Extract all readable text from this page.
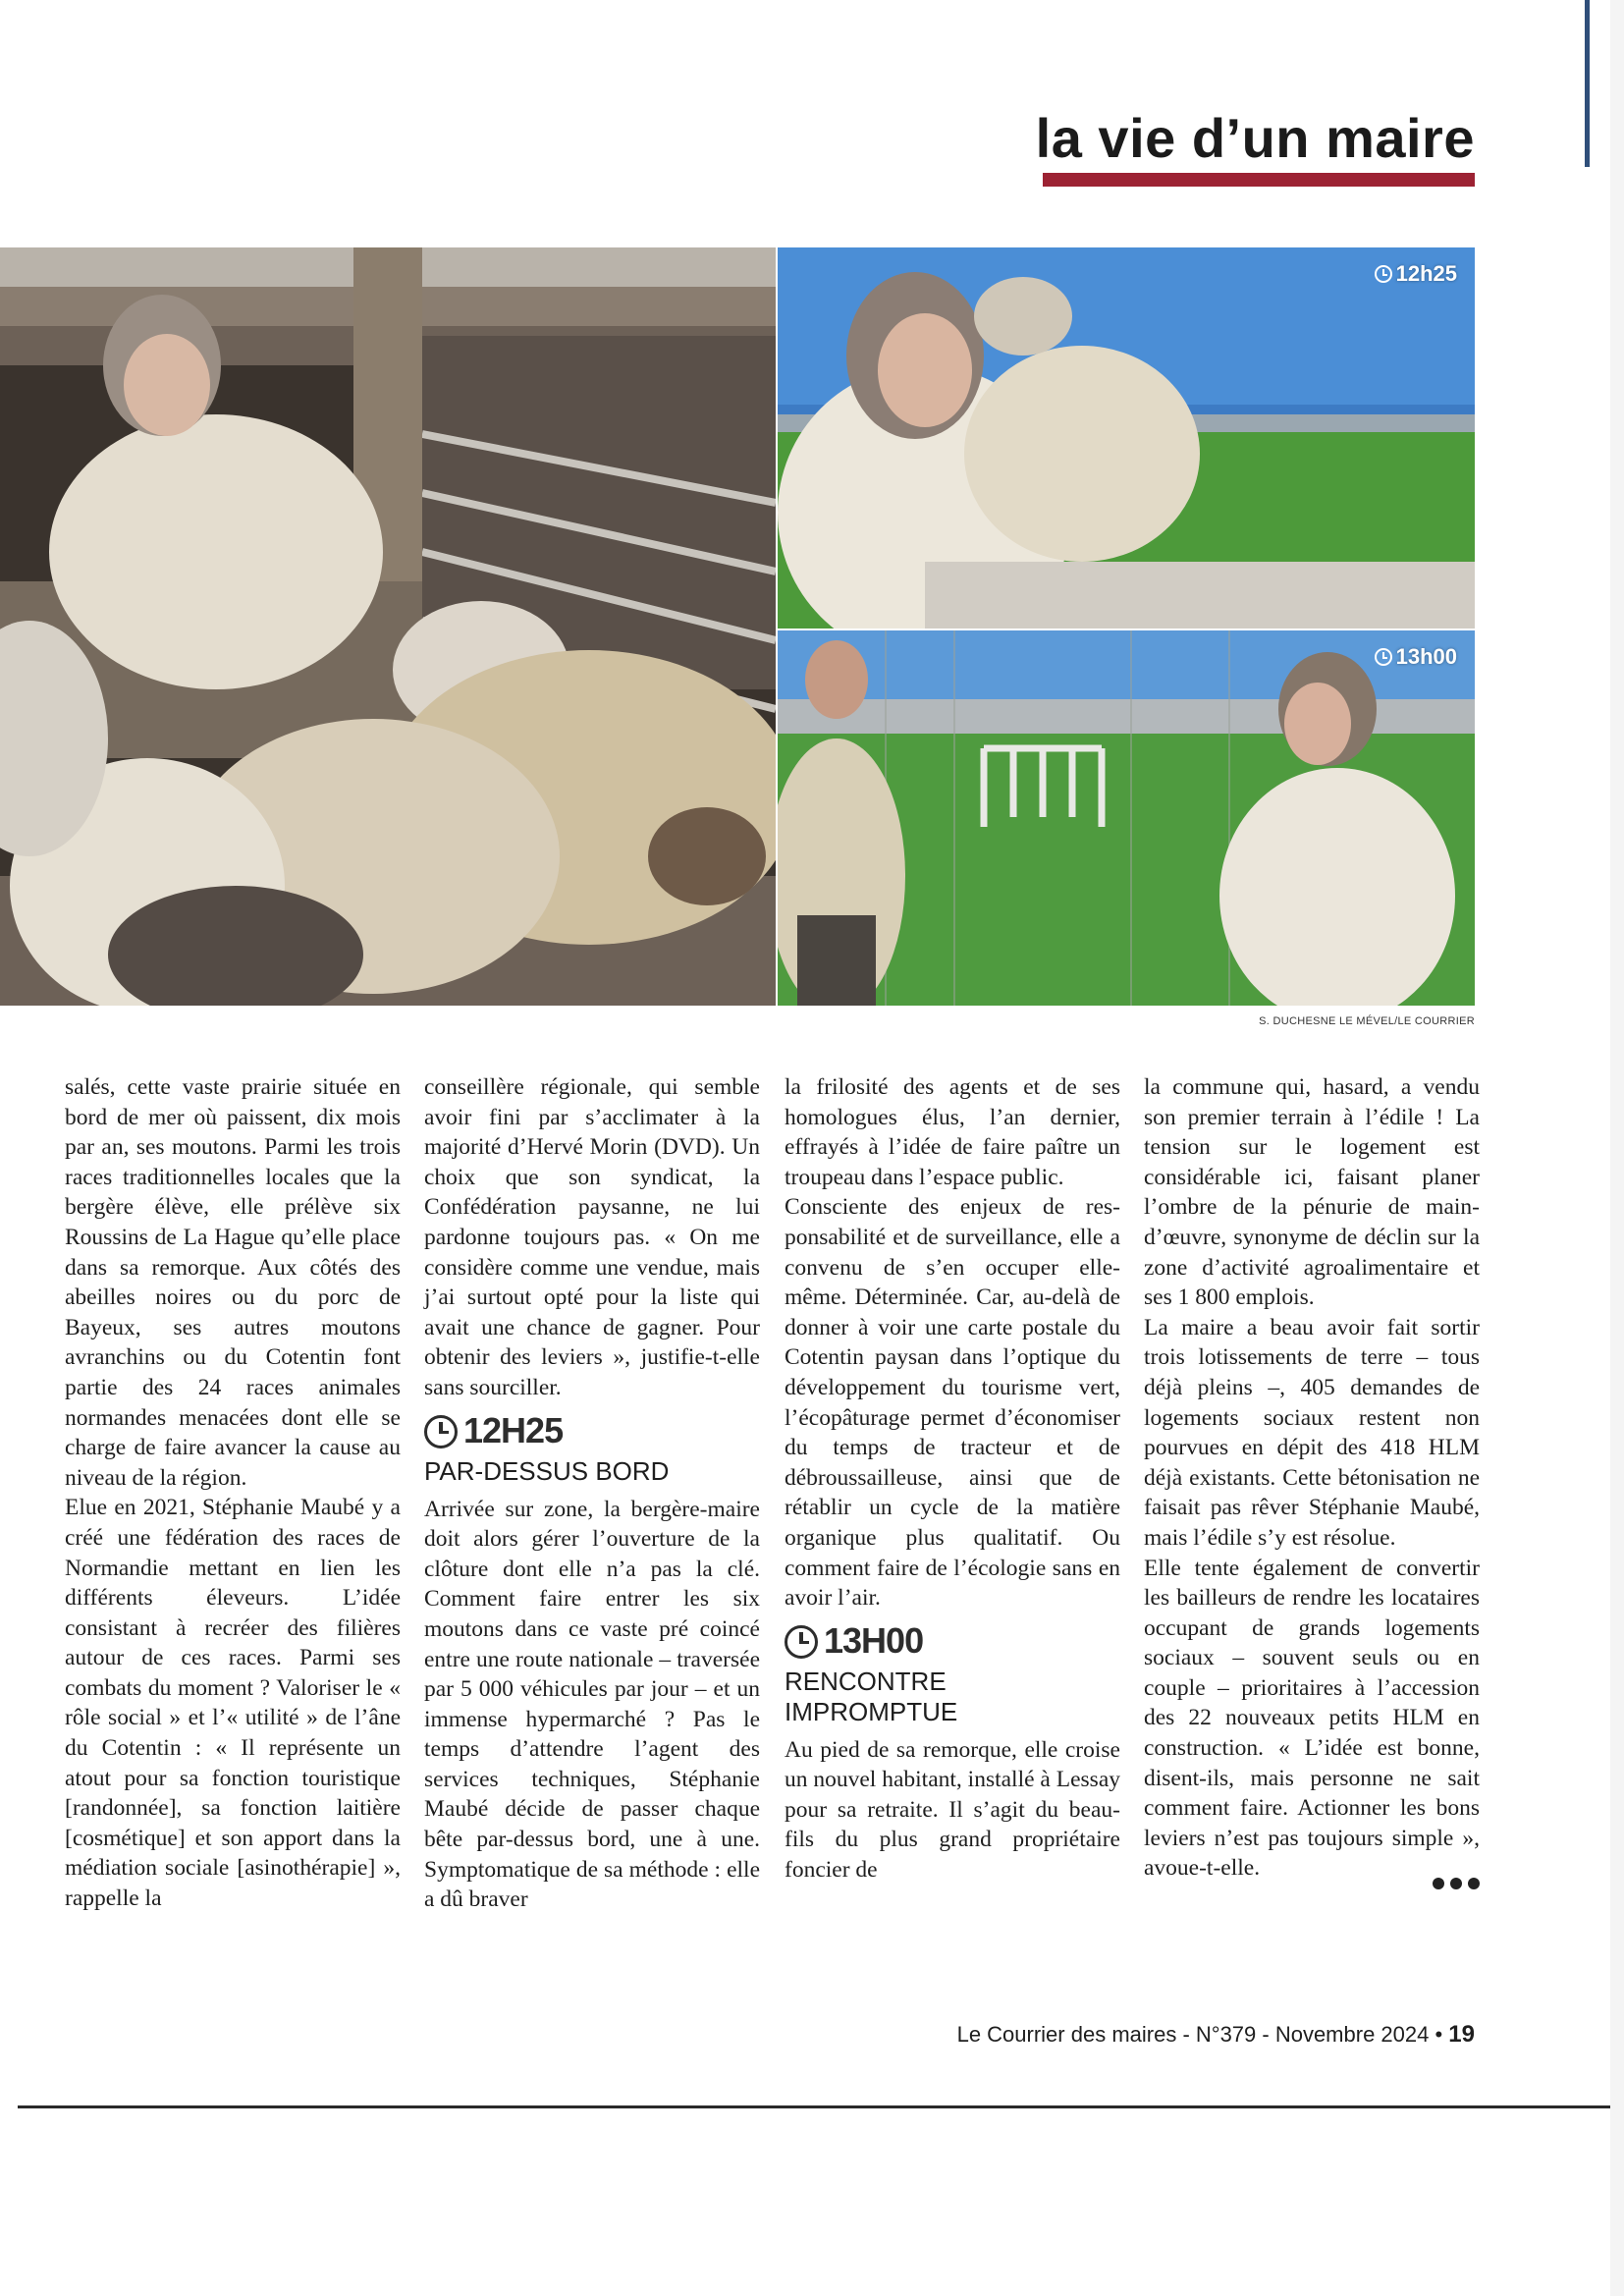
la vie d’un maire
12h25
13h00
S. DUCHESNE LE MÉVEL/LE COURRIER

salés, cette vaste prairie située en bord de mer où paissent, dix mois par an, ses moutons. Parmi les trois races traditionnelles locales que la bergère élève, elle prélève six Roussins de La Hague qu’elle place dans sa remorque. Aux côtés des abeilles noires ou du porc de Bayeux, ses autres moutons avranchins ou du Cotentin font partie des 24 races animales normandes menacées dont elle se charge de faire avancer la cause au niveau de la région.

Elue en 2021, Stéphanie Maubé y a créé une fédération des races de Normandie mettant en lien les différents éleveurs. L’idée consistant à recréer des filières autour de ces races. Parmi ses combats du moment ? Valoriser le « rôle social » et l’« utilité » de l’âne du Cotentin : « Il représente un atout pour sa fonction touristique [randonnée], sa fonction laitière [cosmétique] et son apport dans la médiation sociale [asinothérapie] », rappelle la

conseillère régionale, qui semble avoir fini par s’acclimater à la majorité d’Hervé Morin (DVD). Un choix que son syndicat, la Confédération paysanne, ne lui pardonne toujours pas. « On me considère comme une vendue, mais j’ai surtout opté pour la liste qui avait une chance de gagner. Pour obtenir des leviers », justifie-t-elle sans sourciller.

12H25
PAR-DESSUS BORD

Arrivée sur zone, la bergère-maire doit alors gérer l’ouverture de la clôture dont elle n’a pas la clé. Comment faire entrer les six moutons dans ce vaste pré coincé entre une route nationale – traversée par 5 000 véhicules par jour – et un immense hypermarché ? Pas le temps d’attendre l’agent des services techniques, Stéphanie Maubé décide de passer chaque bête par-dessus bord, une à une. Symptomatique de sa méthode : elle a dû braver

la frilosité des agents et de ses homologues élus, l’an dernier, effrayés à l’idée de faire paître un troupeau dans l’espace public.

Consciente des enjeux de responsabilité et de surveillance, elle a convenu de s’en occuper elle-même. Déterminée. Car, au-delà de donner à voir une carte postale du Cotentin paysan dans l’optique du développement du tourisme vert, l’écopâturage permet d’économiser du temps de tracteur et de débroussailleuse, ainsi que de rétablir un cycle de la matière organique plus qualitatif. Ou comment faire de l’écologie sans en avoir l’air.

13H00
RENCONTRE IMPROMPTUE

Au pied de sa remorque, elle croise un nouvel habitant, installé à Lessay pour sa retraite. Il s’agit du beau-fils du plus grand propriétaire foncier de

la commune qui, hasard, a vendu son premier terrain à l’édile ! La tension sur le logement est considérable ici, faisant planer l’ombre de la pénurie de main-d’œuvre, synonyme de déclin sur la zone d’activité agroalimentaire et ses 1 800 emplois.

La maire a beau avoir fait sortir trois lotissements de terre – tous déjà pleins –, 405 demandes de logements sociaux restent non pourvues en dépit des 418 HLM déjà existants. Cette bétonisation ne faisait pas rêver Stéphanie Maubé, mais l’édile s’y est résolue.

Elle tente également de convertir les bailleurs de rendre les locataires occupant de grands logements sociaux – souvent seuls ou en couple – prioritaires à l’accession des 22 nouveaux petits HLM en construction. « L’idée est bonne, disent-ils, mais personne ne sait comment faire. Actionner les bons leviers n’est pas toujours simple », avoue-t-elle.

Le Courrier des maires - N°379 - Novembre 2024 • 19
